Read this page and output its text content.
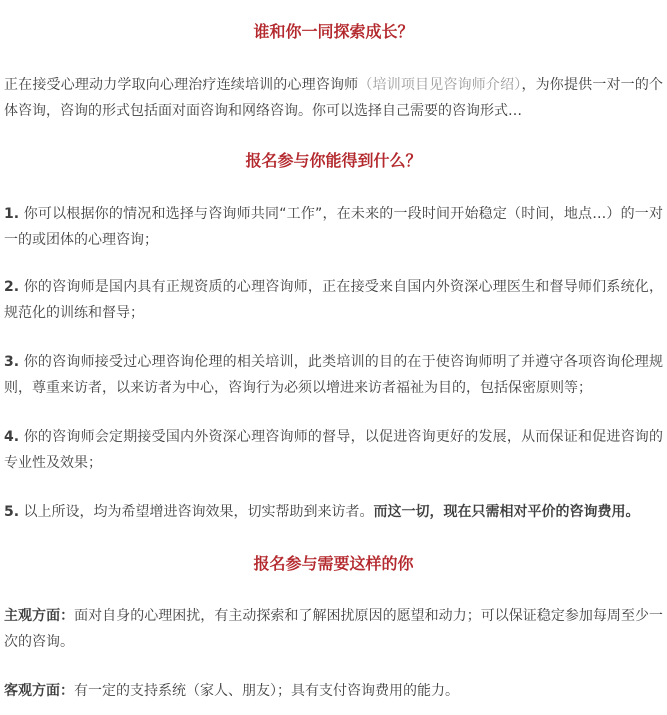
谁和你一同探索成长？

正在接受心理动力学取向心理治疗连续培训的心理咨询师（培训项目见咨询师介绍），为你提供一对一的个体咨询，咨询的形式包括面对面咨询和网络咨询。你可以选择自己需要的咨询形式…

报名参与你能得到什么？

1. 你可以根据你的情况和选择与咨询师共同“工作”，在未来的一段时间开始稳定（时间，地点…）的一对一的或团体的心理咨询；

2. 你的咨询师是国内具有正规资质的心理咨询师，正在接受来自国内外资深心理医生和督导师们系统化，规范化的训练和督导；

3. 你的咨询师接受过心理咨询伦理的相关培训，此类培训的目的在于使咨询师明了并遵守各项咨询伦理规则，尊重来访者，以来访者为中心，咨询行为必须以增进来访者福祉为目的，包括保密原则等；

4. 你的咨询师会定期接受国内外资深心理咨询师的督导，以促进咨询更好的发展，从而保证和促进咨询的专业性及效果；

5. 以上所设，均为希望增进咨询效果，切实帮助到来访者。而这一切，现在只需相对平价的咨询费用。

报名参与需要这样的你

主观方面：面对自身的心理困扰，有主动探索和了解困扰原因的愿望和动力；可以保证稳定参加每周至少一次的咨询。

客观方面：有一定的支持系统（家人、朋友）；具有支付咨询费用的能力。
